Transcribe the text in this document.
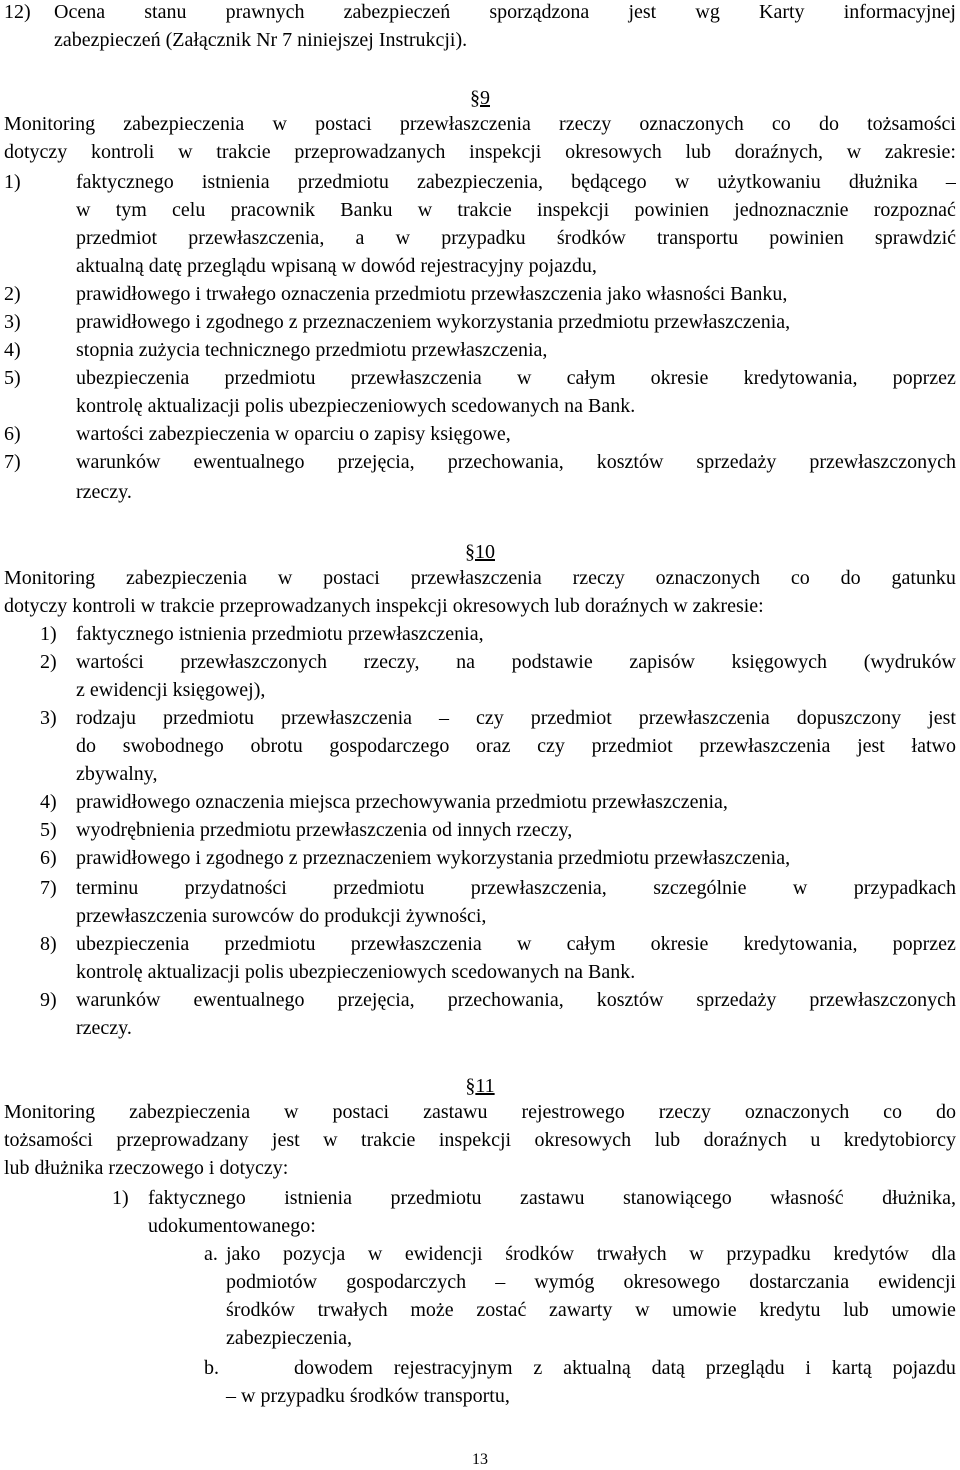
12) Ocena stanu prawnych zabezpieczeń sporządzona jest wg Karty informacyjnej
zabezpieczeń (Załącznik Nr 7 niniejszej Instrukcji).
§9
Monitoring zabezpieczenia w postaci przewłaszczenia rzeczy oznaczonych co do tożsamości
dotyczy kontroli w trakcie przeprowadzanych inspekcji okresowych lub doraźnych, w zakresie:
1)	faktycznego istnienia przedmiotu zabezpieczenia, będącego w użytkowaniu dłużnika –
w tym celu pracownik Banku w trakcie inspekcji powinien jednoznacznie rozpoznać
przedmiot przewłaszczenia, a w przypadku środków transportu powinien sprawdzić
aktualną datę przeglądu wpisaną w dowód rejestracyjny pojazdu,
2)	prawidłowego i trwałego oznaczenia przedmiotu przewłaszczenia jako własności Banku,
3)	prawidłowego i zgodnego z przeznaczeniem wykorzystania przedmiotu przewłaszczenia,
4)	stopnia zużycia technicznego przedmiotu przewłaszczenia,
5)	ubezpieczenia przedmiotu przewłaszczenia w całym okresie kredytowania, poprzez
kontrolę aktualizacji polis ubezpieczeniowych scedowanych na Bank.
6)	wartości zabezpieczenia w oparciu o zapisy księgowe,
7)	warunków ewentualnego przejęcia, przechowania, kosztów sprzedaży przewłaszczonych
rzeczy.
§10
Monitoring zabezpieczenia w postaci przewłaszczenia rzeczy oznaczonych co do gatunku
dotyczy kontroli w trakcie przeprowadzanych inspekcji okresowych lub doraźnych w zakresie:
1) faktycznego istnienia przedmiotu przewłaszczenia,
2) wartości przewłaszczonych rzeczy, na podstawie zapisów księgowych (wydruków
z ewidencji księgowej),
3) rodzaju przedmiotu przewłaszczenia – czy przedmiot przewłaszczenia dopuszczony jest
do swobodnego obrotu gospodarczego oraz czy przedmiot przewłaszczenia jest łatwo
zbywalny,
4) prawidłowego oznaczenia miejsca przechowywania przedmiotu przewłaszczenia,
5) wyodrębnienia przedmiotu przewłaszczenia od innych rzeczy,
6) prawidłowego i zgodnego z przeznaczeniem wykorzystania przedmiotu przewłaszczenia,
7) terminu przydatności przedmiotu przewłaszczenia, szczególnie w przypadkach
przewłaszczenia surowców do produkcji żywności,
8) ubezpieczenia przedmiotu przewłaszczenia w całym okresie kredytowania, poprzez
kontrolę aktualizacji polis ubezpieczeniowych scedowanych na Bank.
9) warunków ewentualnego przejęcia, przechowania, kosztów sprzedaży przewłaszczonych
rzeczy.
§11
Monitoring zabezpieczenia w postaci zastawu rejestrowego rzeczy oznaczonych co do
tożsamości przeprowadzany jest w trakcie inspekcji okresowych lub doraźnych u kredytobiorcy
lub dłużnika rzeczowego i dotyczy:
1) faktycznego istnienia przedmiotu zastawu stanowiącego własność dłużnika,
udokumentowanego:
a. jako pozycja w ewidencji środków trwałych w przypadku kredytów dla
podmiotów gospodarczych – wymóg okresowego dostarczania ewidencji
środków trwałych może zostać zawarty w umowie kredytu lub umowie
zabezpieczenia,
b.	dowodem rejestracyjnym z aktualną datą przeglądu i kartą pojazdu
– w przypadku środków transportu,
13
